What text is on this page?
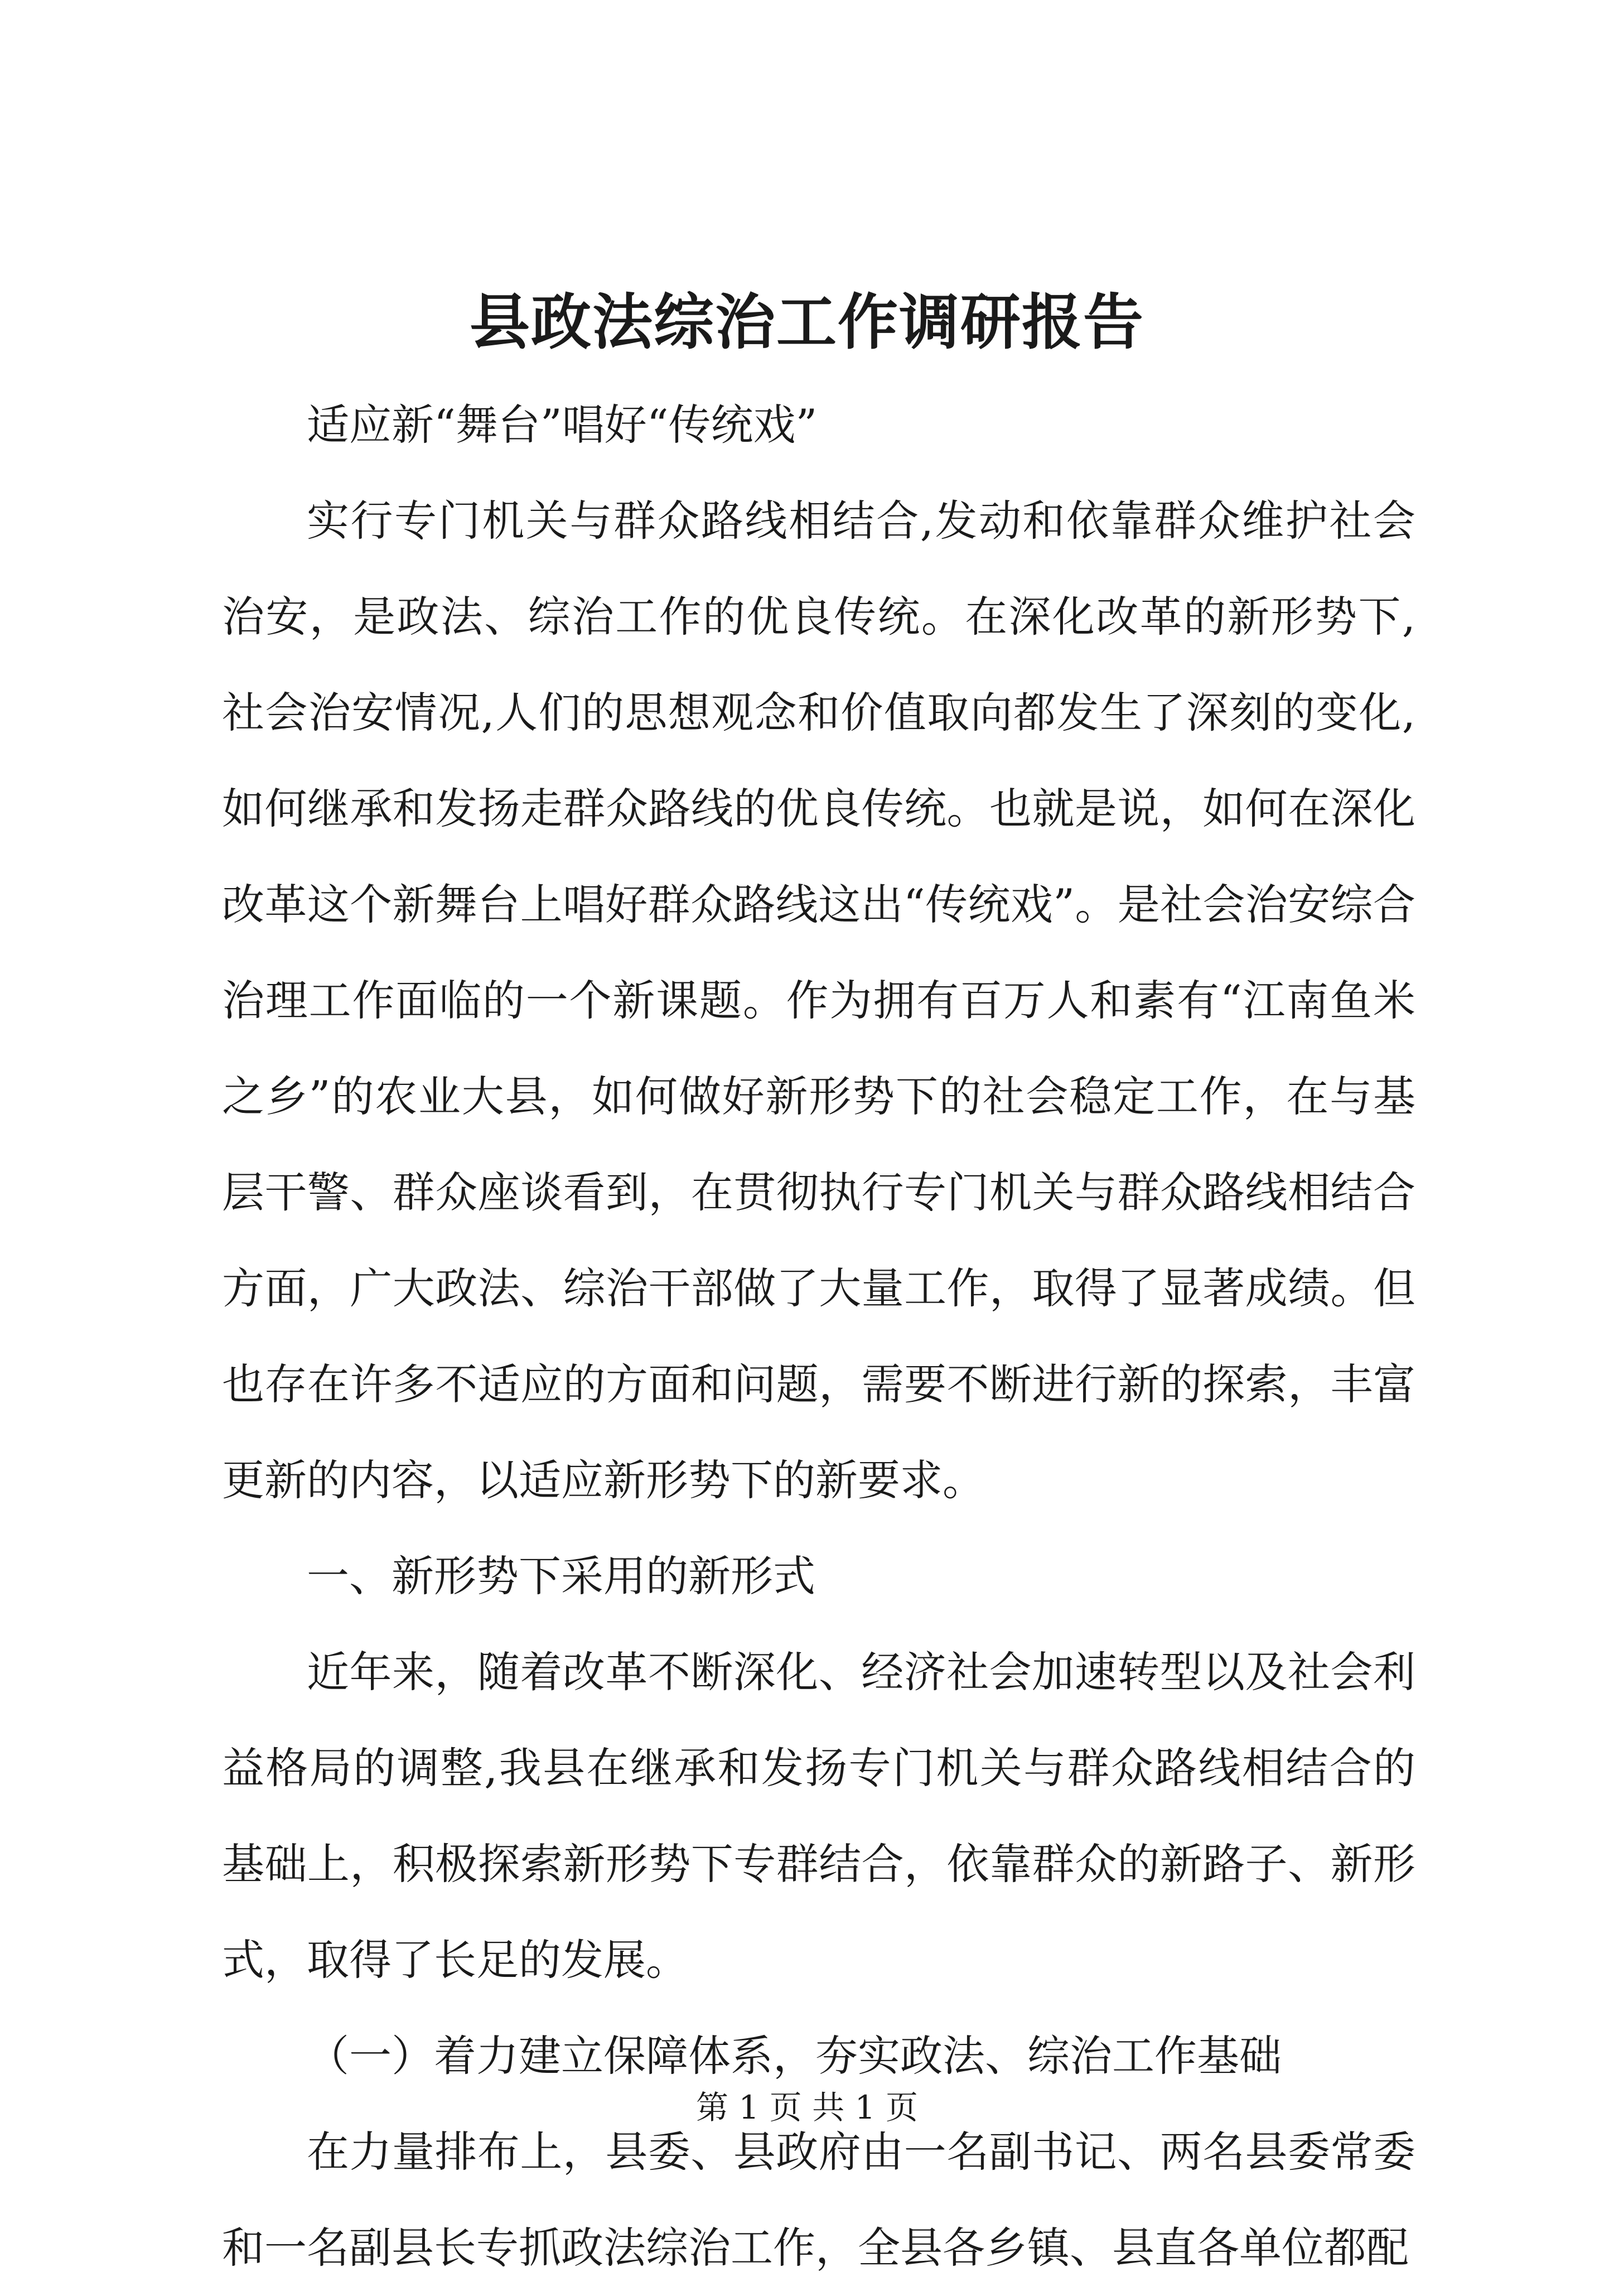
县政法综治工作调研报告

适应新“舞台”唱好“传统戏”

实行专门机关与群众路线相结合,发动和依靠群众维护社会治安，是政法、综治工作的优良传统。在深化改革的新形势下,社会治安情况,人们的思想观念和价值取向都发生了深刻的变化,如何继承和发扬走群众路线的优良传统。也就是说，如何在深化改革这个新舞台上唱好群众路线这出“传统戏”。是社会治安综合治理工作面临的一个新课题。作为拥有百万人和素有“江南鱼米之乡”的农业大县，如何做好新形势下的社会稳定工作，在与基层干警、群众座谈看到，在贯彻执行专门机关与群众路线相结合方面，广大政法、综治干部做了大量工作，取得了显著成绩。但也存在许多不适应的方面和问题，需要不断进行新的探索，丰富更新的内容，以适应新形势下的新要求。

一、新形势下采用的新形式

近年来，随着改革不断深化、经济社会加速转型以及社会利益格局的调整,我县在继承和发扬专门机关与群众路线相结合的基础上，积极探索新形势下专群结合，依靠群众的新路子、新形式，取得了长足的发展。

（一）着力建立保障体系，夯实政法、综治工作基础

在力量排布上，县委、县政府由一名副书记、两名县委常委和一名副县长专抓政法综治工作，全县各乡镇、县直各单位都配

第 1 页 共 1 页
